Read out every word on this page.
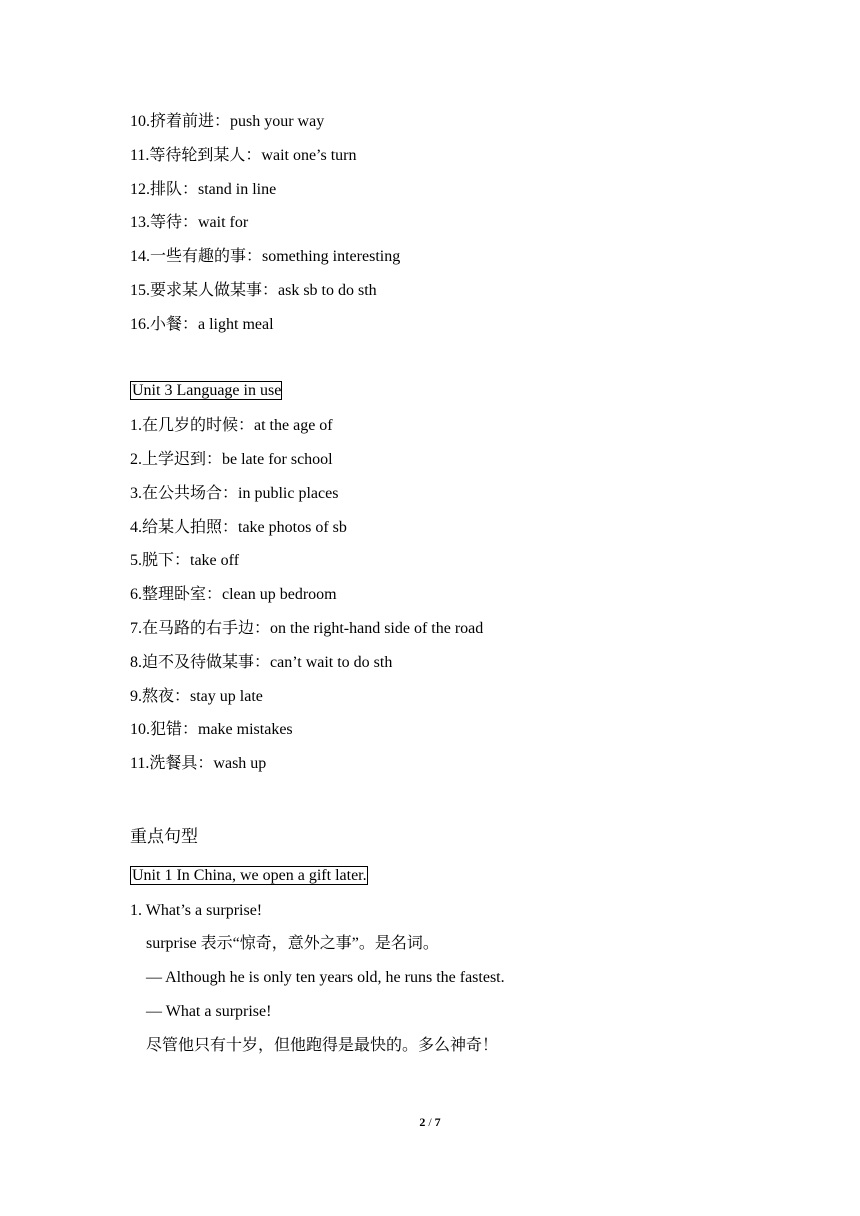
10.挤着前进：push your way
11.等待轮到某人：wait one’s turn
12.排队：stand in line
13.等待：wait for
14.一些有趣的事：something interesting
15.要求某人做某事：ask sb to do sth
16.小餐：a light meal
Unit 3 Language in use
1.在几岁的时候：at the age of
2.上学迟到：be late for school
3.在公共场合：in public places
4.给某人拍照：take photos of sb
5.脱下：take off
6.整理卧室：clean up bedroom
7.在马路的右手边：on the right-hand side of the road
8.迫不及待做某事：can’t wait to do sth
9.熬夜：stay up late
10.犯错：make mistakes
11.洗餐具：wash up
重点句型
Unit 1 In China, we open a gift later.
1. What’s a surprise!
surprise 表示“惊奇，意外之事”。是名词。
— Although he is only ten years old, he runs the fastest.
— What a surprise!
尽管他只有十岁，但他跑得是最快的。多么神奇！
2 / 7
